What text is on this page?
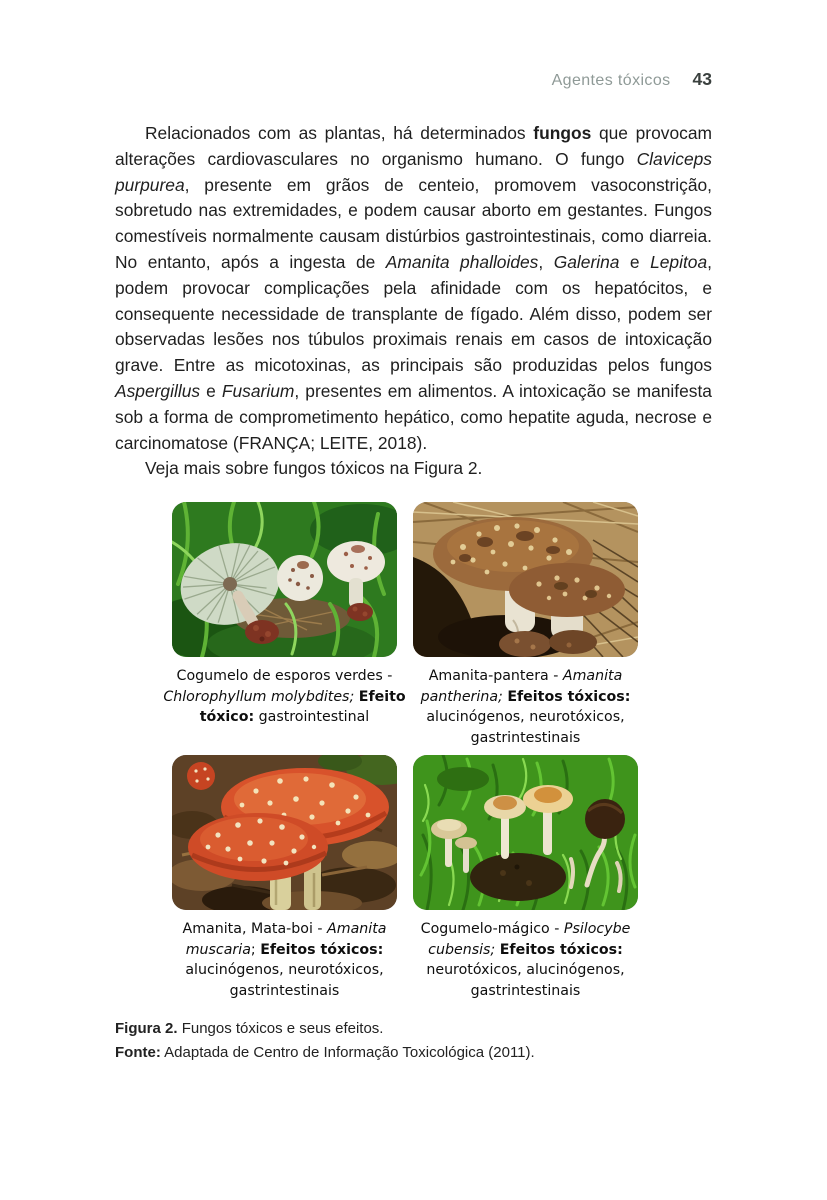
Agentes tóxicos 43

Relacionados com as plantas, há determinados fungos que provocam alterações cardiovasculares no organismo humano. O fungo Claviceps purpurea, presente em grãos de centeio, promovem vasoconstrição, sobretudo nas extremidades, e podem causar aborto em gestantes. Fungos comestíveis normalmente causam distúrbios gastrointestinais, como diarreia. No entanto, após a ingesta de Amanita phalloides, Galerina e Lepitoa, podem provocar complicações pela afinidade com os hepatócitos, e consequente necessidade de transplante de fígado. Além disso, podem ser observadas lesões nos túbulos proximais renais em casos de intoxicação grave. Entre as micotoxinas, as principais são produzidas pelos fungos Aspergillus e Fusarium, presentes em alimentos. A intoxicação se manifesta sob a forma de comprometimento hepático, como hepatite aguda, necrose e carcinomatose (FRANÇA; LEITE, 2018).

Veja mais sobre fungos tóxicos na Figura 2.

Cogumelo de esporos verdes - Chlorophyllum molybdites; Efeito tóxico: gastrointestinal
Amanita-pantera - Amanita pantherina; Efeitos tóxicos: alucinógenos, neurotóxicos, gastrintestinais
Amanita, Mata-boi - Amanita muscaria; Efeitos tóxicos: alucinógenos, neurotóxicos, gastrintestinais
Cogumelo-mágico - Psilocybe cubensis; Efeitos tóxicos: neurotóxicos, alucinógenos, gastrintestinais

Figura 2. Fungos tóxicos e seus efeitos.

Fonte: Adaptada de Centro de Informação Toxicológica (2011).
